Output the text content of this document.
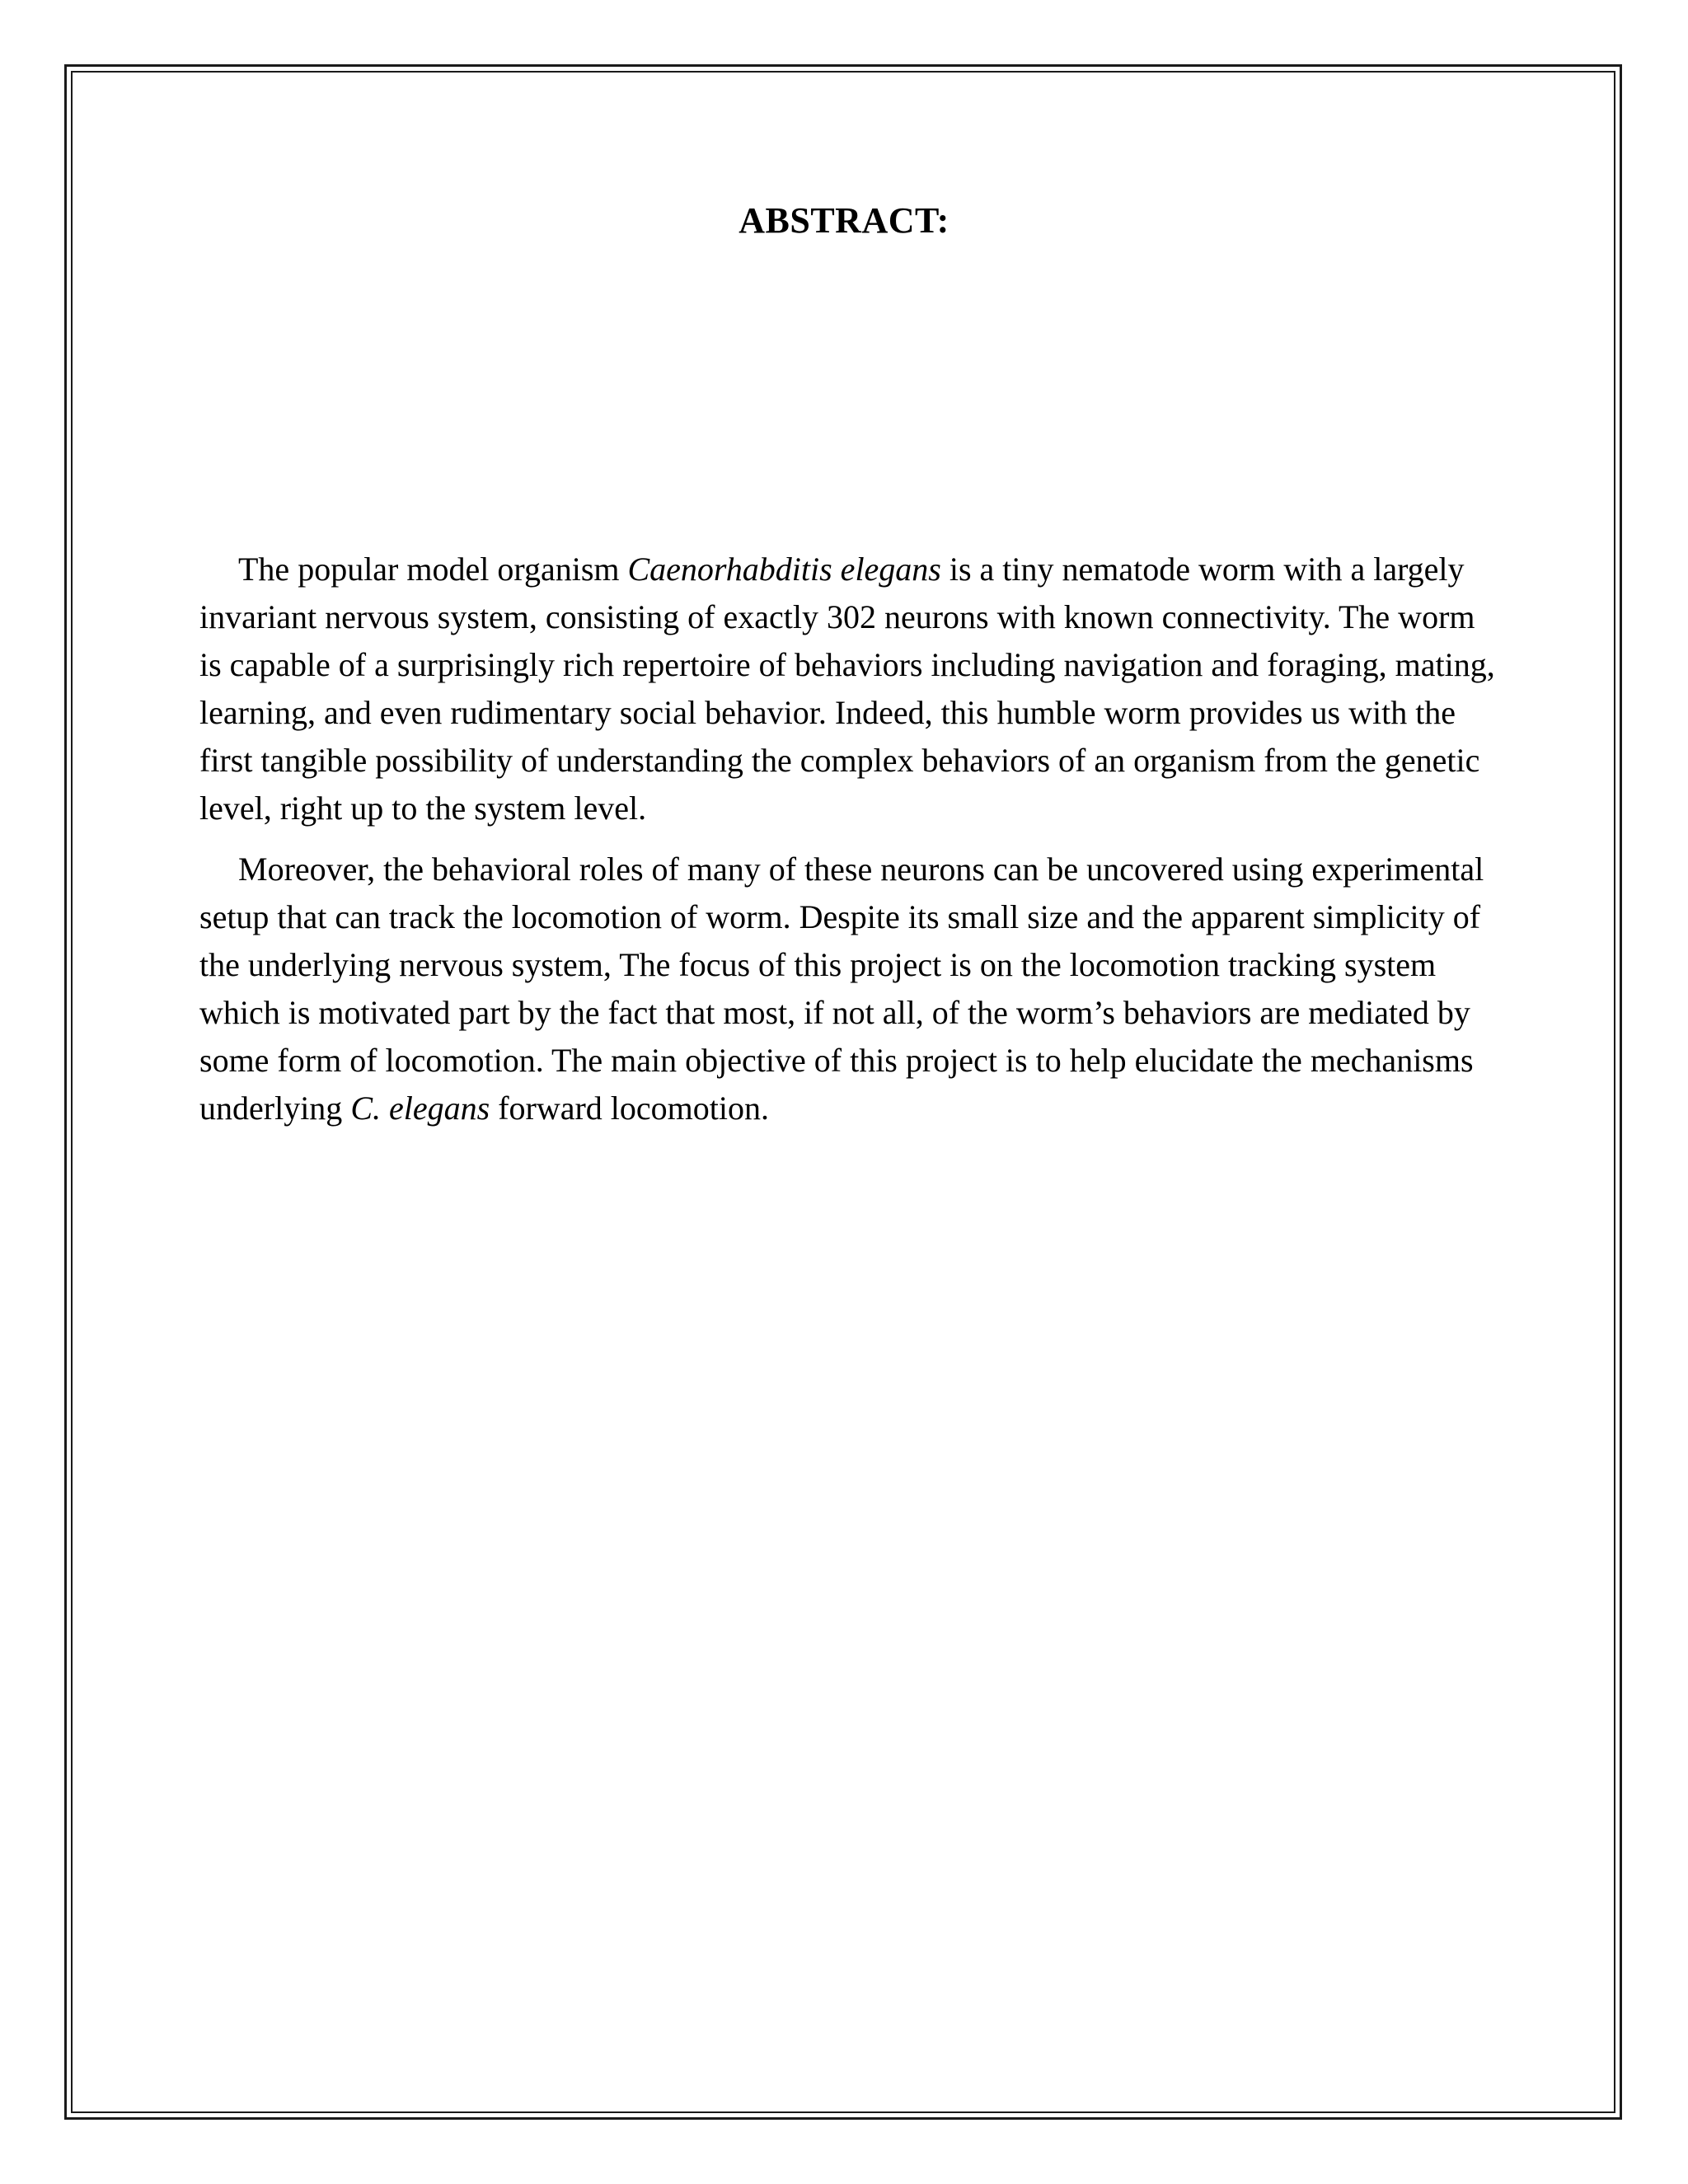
ABSTRACT:

The popular model organism Caenorhabditis elegans is a tiny nematode worm with a largely invariant nervous system, consisting of exactly 302 neurons with known connectivity. The worm is capable of a surprisingly rich repertoire of behaviors including navigation and foraging, mating, learning, and even rudimentary social behavior. Indeed, this humble worm provides us with the first tangible possibility of understanding the complex behaviors of an organism from the genetic level, right up to the system level.

Moreover, the behavioral roles of many of these neurons can be uncovered using experimental setup that can track the locomotion of worm. Despite its small size and the apparent simplicity of the underlying nervous system, The focus of this project is on the locomotion tracking system which is motivated part by the fact that most, if not all, of the worm’s behaviors are mediated by some form of locomotion. The main objective of this project is to help elucidate the mechanisms underlying C. elegans forward locomotion.
